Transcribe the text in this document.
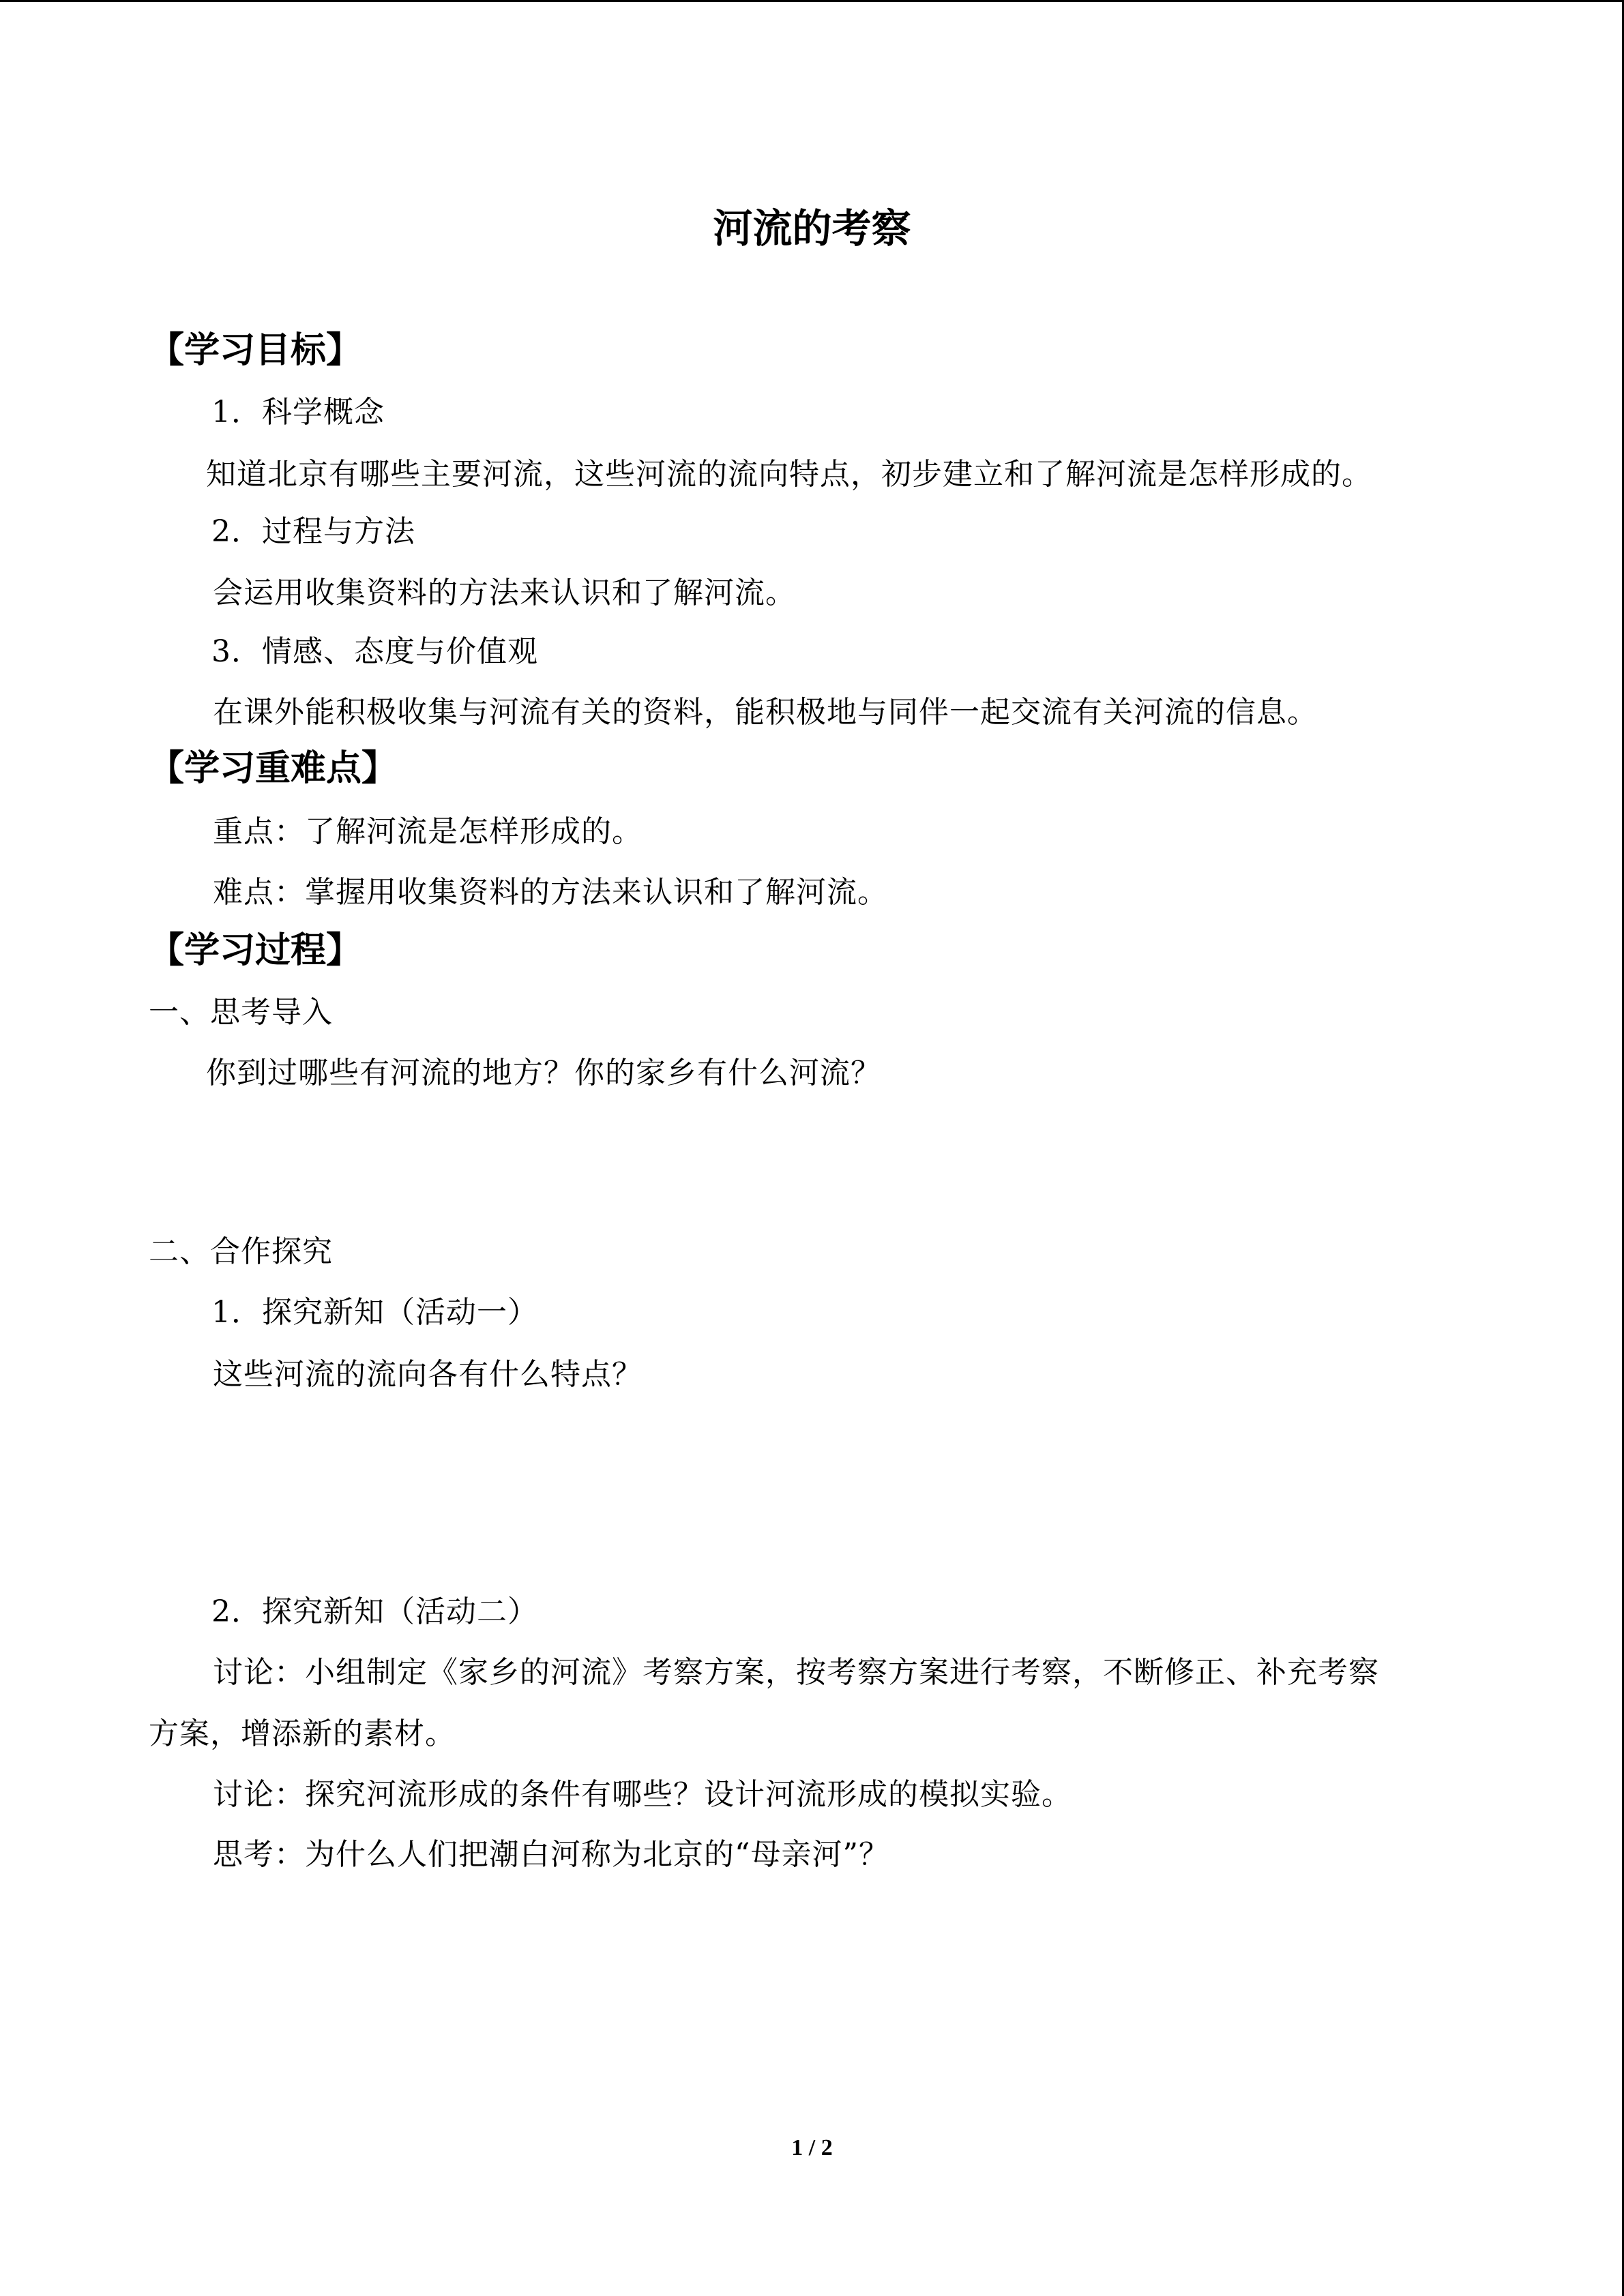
河流的考察
【学习目标】
1．科学概念
知道北京有哪些主要河流，这些河流的流向特点，初步建立和了解河流是怎样形成的。
2．过程与方法
会运用收集资料的方法来认识和了解河流。
3．情感、态度与价值观
在课外能积极收集与河流有关的资料，能积极地与同伴一起交流有关河流的信息。
【学习重难点】
重点：了解河流是怎样形成的。
难点：掌握用收集资料的方法来认识和了解河流。
【学习过程】
一、思考导入
你到过哪些有河流的地方？你的家乡有什么河流？
二、合作探究
1．探究新知（活动一）
这些河流的流向各有什么特点？
2．探究新知（活动二）
讨论：小组制定《家乡的河流》考察方案，按考察方案进行考察，不断修正、补充考察
方案，增添新的素材。
讨论：探究河流形成的条件有哪些？设计河流形成的模拟实验。
思考：为什么人们把潮白河称为北京的“母亲河”？
1 / 2
